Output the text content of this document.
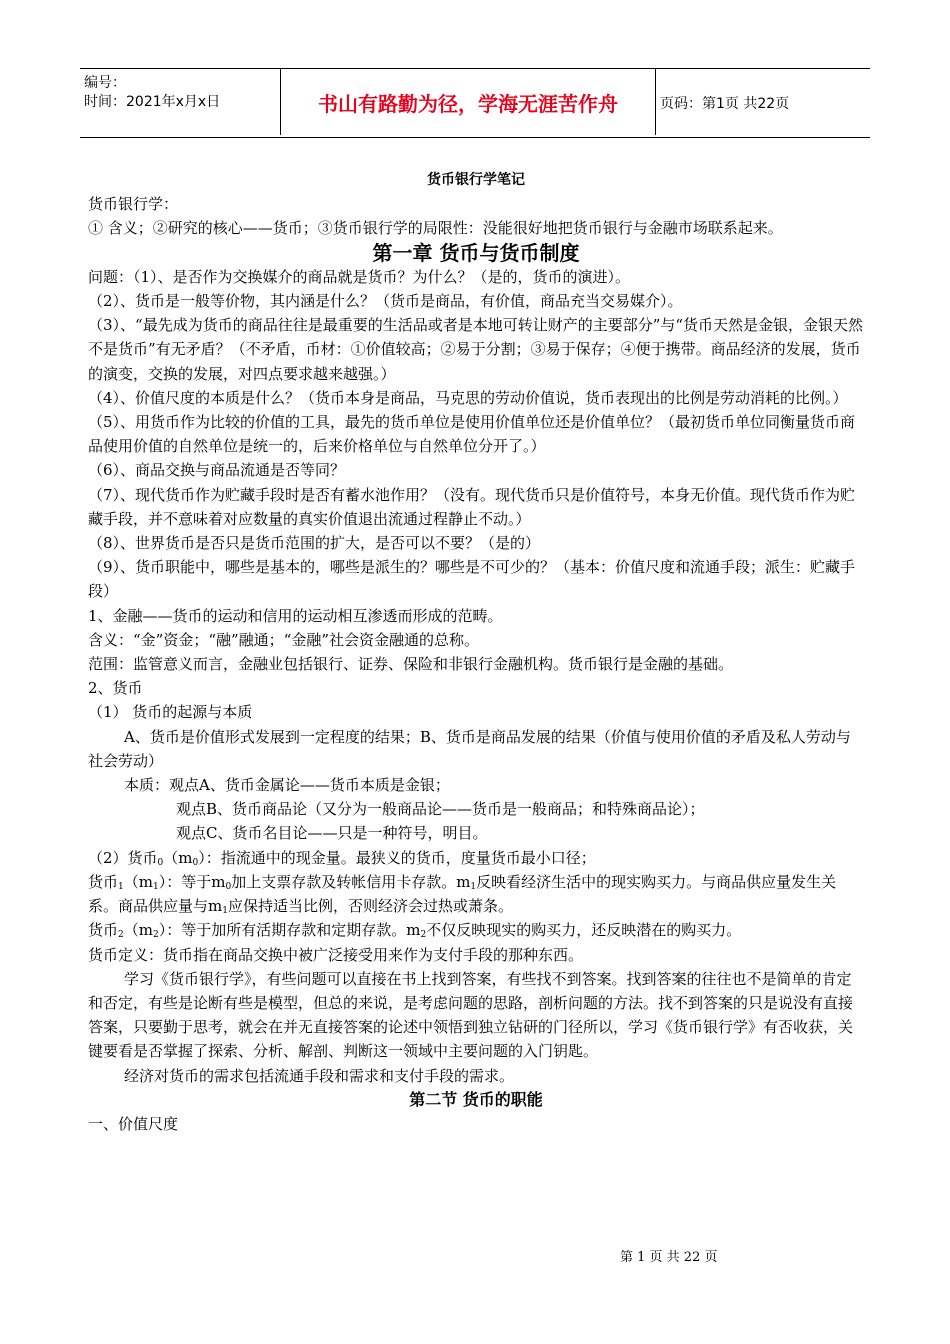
编号：
时间：2021年x月x日	书山有路勤为径，学海无涯苦作舟	页码：第1页 共22页

货币银行学笔记

货币银行学：

① 含义；②研究的核心——货币；③货币银行学的局限性：没能很好地把货币银行与金融市场联系起来。

第一章 货币与货币制度

问题：（1）、是否作为交换媒介的商品就是货币？为什么？（是的，货币的演进）。

（2）、货币是一般等价物，其内涵是什么？（货币是商品，有价值，商品充当交易媒介）。

（3）、“最先成为货币的商品往往是最重要的生活品或者是本地可转让财产的主要部分”与“货币天然是金银，金银天然不是货币”有无矛盾？（不矛盾，币材：①价值较高；②易于分割；③易于保存；④便于携带。商品经济的发展，货币的演变，交换的发展，对四点要求越来越强。）

（4）、价值尺度的本质是什么？（货币本身是商品，马克思的劳动价值说，货币表现出的比例是劳动消耗的比例。）

（5）、用货币作为比较的价值的工具，最先的货币单位是使用价值单位还是价值单位？（最初货币单位同衡量货币商品使用价值的自然单位是统一的，后来价格单位与自然单位分开了。）

（6）、商品交换与商品流通是否等同？

（7）、现代货币作为贮藏手段时是否有蓄水池作用？（没有。现代货币只是价值符号，本身无价值。现代货币作为贮藏手段，并不意味着对应数量的真实价值退出流通过程静止不动。）

（8）、世界货币是否只是货币范围的扩大，是否可以不要？（是的）

（9）、货币职能中，哪些是基本的，哪些是派生的？哪些是不可少的？（基本：价值尺度和流通手段；派生：贮藏手段）

1、金融——货币的运动和信用的运动相互渗透而形成的范畴。

含义：“金”资金；“融”融通；“金融”社会资金融通的总称。

范围：监管意义而言，金融业包括银行、证券、保险和非银行金融机构。货币银行是金融的基础。

2、货币

（1） 货币的起源与本质

A、货币是价值形式发展到一定程度的结果；B、货币是商品发展的结果（价值与使用价值的矛盾及私人劳动与社会劳动）

本质：观点A、货币金属论——货币本质是金银；

观点B、货币商品论（又分为一般商品论——货币是一般商品；和特殊商品论）；

观点C、货币名目论——只是一种符号，明目。

（2）货币$_0(m_0)$：指流通中的现金量。最狭义的货币，度量货币最小口径；

货币$_1(m_1)$：等于$m_0$加上支票存款及转帐信用卡存款。$m_1$反映看经济生活中的现实购买力。与商品供应量发生关系。商品供应量与$m_1$应保持适当比例，否则经济会过热或萧条。

货币$_2(m_2)$：等于加所有活期存款和定期存款。$m_2$不仅反映现实的购买力，还反映潜在的购买力。

货币定义：货币指在商品交换中被广泛接受用来作为支付手段的那种东西。

学习《货币银行学》，有些问题可以直接在书上找到答案，有些找不到答案。找到答案的往往也不是简单的肯定和否定，有些是论断有些是模型，但总的来说，是考虑问题的思路，剖析问题的方法。找不到答案的只是说没有直接答案，只要勤于思考，就会在并无直接答案的论述中领悟到独立钻研的门径所以，学习《货币银行学》有否收获，关键要看是否掌握了探索、分析、解剖、判断这一领域中主要问题的入门钥匙。

经济对货币的需求包括流通手段和需求和支付手段的需求。

第二节 货币的职能

一、价值尺度

第 1 页 共 22 页
